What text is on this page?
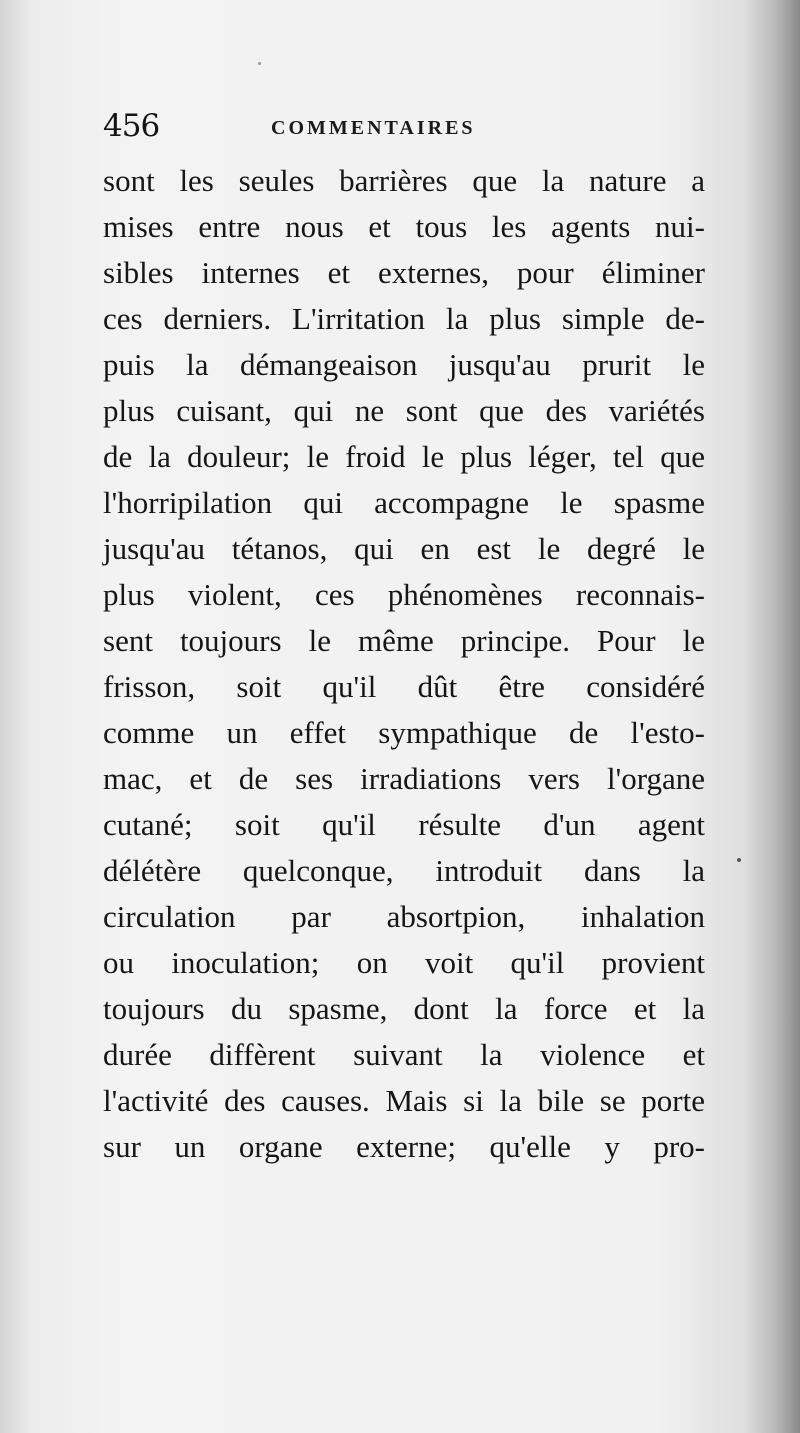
456	COMMENTAIRES
sont les seules barrières que la nature a
mises entre nous et tous les agents nui-
sibles internes et externes, pour éliminer
ces derniers. L'irritation la plus simple de-
puis la démangeaison jusqu'au prurit le
plus cuisant, qui ne sont que des variétés
de la douleur; le froid le plus léger, tel que
l'horripilation qui accompagne le spasme
jusqu'au tétanos, qui en est le degré le
plus violent, ces phénomènes reconnais-
sent toujours le même principe. Pour le
frisson, soit qu'il dût être considéré
comme un effet sympathique de l'esto-
mac, et de ses irradiations vers l'organe
cutané; soit qu'il résulte d'un agent
délétère quelconque, introduit dans la
circulation par absortpion, inhalation
ou inoculation; on voit qu'il provient
toujours du spasme, dont la force et la
durée diffèrent suivant la violence et
l'activité des causes. Mais si la bile se porte
sur un organe externe; qu'elle y pro-
